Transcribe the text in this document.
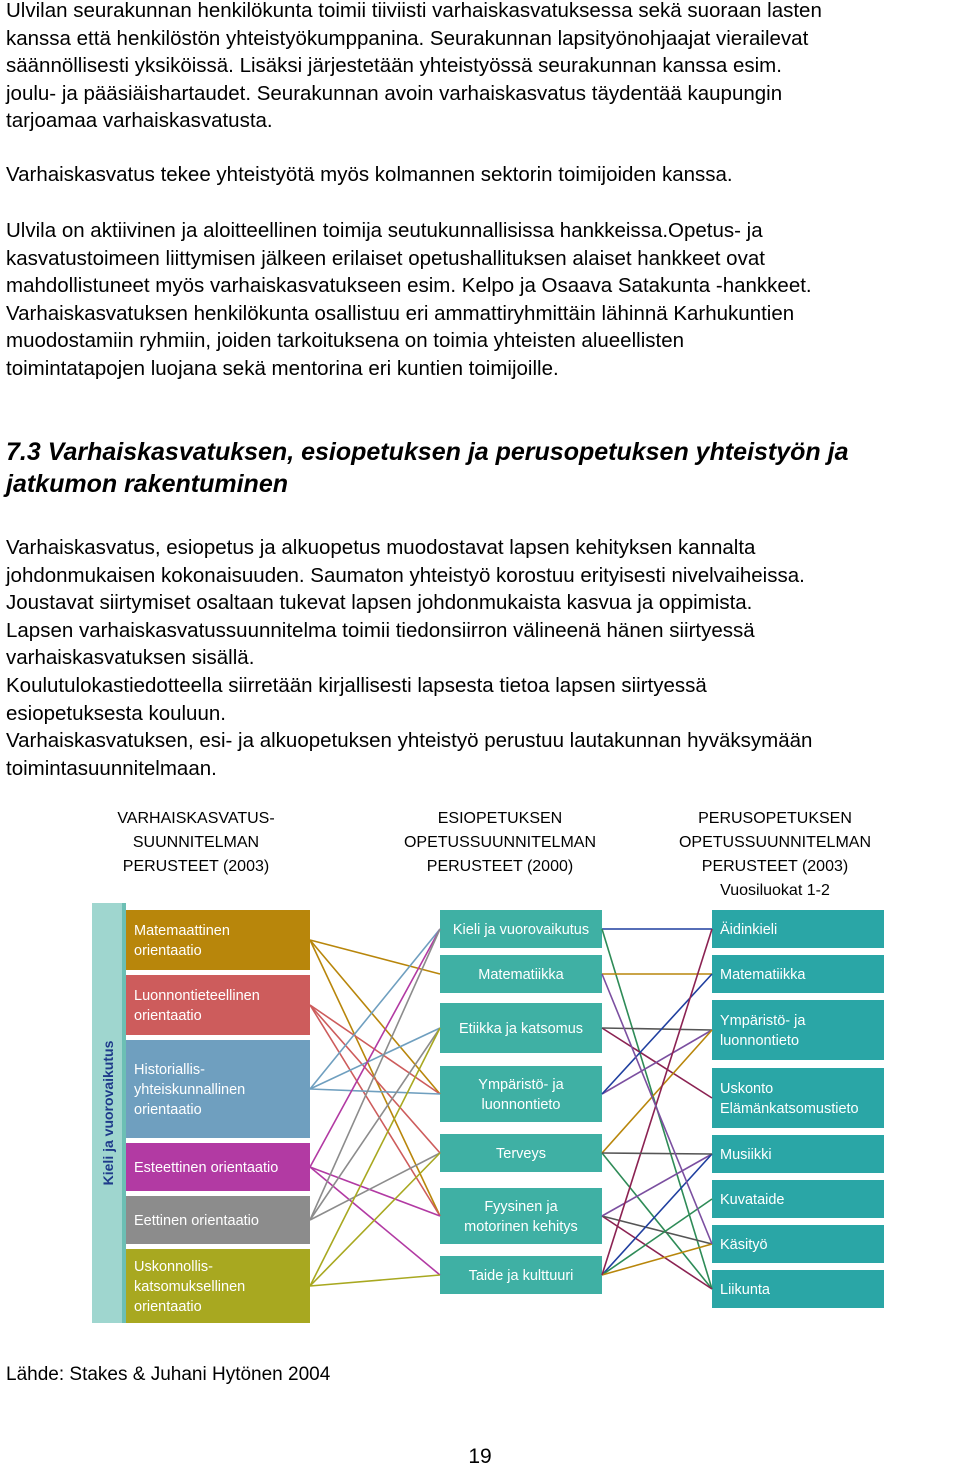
Ulvilan seurakunnan henkilökunta toimii tiiviisti varhaiskasvatuksessa sekä suoraan lasten
kanssa että henkilöstön yhteistyökumppanina. Seurakunnan lapsityönohjaajat vierailevat
säännöllisesti yksiköissä. Lisäksi järjestetään yhteistyössä seurakunnan kanssa esim.
joulu- ja pääsiäishartaudet. Seurakunnan avoin varhaiskasvatus täydentää kaupungin
tarjoamaa varhaiskasvatusta.

Varhaiskasvatus tekee yhteistyötä myös kolmannen sektorin toimijoiden kanssa.

Ulvila on aktiivinen ja aloitteellinen toimija seutukunnallisissa hankkeissa.Opetus- ja
kasvatustoimeen liittymisen jälkeen erilaiset opetushallituksen alaiset hankkeet ovat
mahdollistuneet myös varhaiskasvatukseen esim. Kelpo ja Osaava Satakunta -hankkeet.
Varhaiskasvatuksen henkilökunta osallistuu eri ammattiryhmittäin lähinnä Karhukuntien
muodostamiin ryhmiin, joiden tarkoituksena on toimia yhteisten alueellisten
toimintatapojen luojana sekä mentorina eri kuntien toimijoille.

7.3 Varhaiskasvatuksen, esiopetuksen ja perusopetuksen yhteistyön ja jatkumon rakentuminen

Varhaiskasvatus, esiopetus ja alkuopetus muodostavat lapsen kehityksen kannalta
johdonmukaisen kokonaisuuden. Saumaton yhteistyö korostuu erityisesti nivelvaiheissa.
Joustavat siirtymiset osaltaan tukevat lapsen johdonmukaista kasvua ja oppimista.
Lapsen varhaiskasvatussuunnitelma toimii tiedonsiirron välineenä hänen siirtyessä
varhaiskasvatuksen sisällä.
Koulutulokastiedotteella siirretään kirjallisesti lapsesta tietoa lapsen siirtyessä
esiopetuksesta kouluun.
Varhaiskasvatuksen, esi- ja alkuopetuksen yhteistyö perustuu lautakunnan hyväksymään
toimintasuunnitelmaan.

VARHAISKASVATUS-SUUNNITELMAN PERUSTEET (2003)
ESIOPETUKSEN OPETUSSUUNNITELMAN PERUSTEET (2000)
PERUSOPETUKSEN OPETUSSUUNNITELMAN PERUSTEET (2003) Vuosiluokat 1-2
Kieli ja vuorovaikutus
Matemaattinen orientaatio
Luonnontieteellinen orientaatio
Historiallis-yhteiskunnallinen orientaatio
Esteettinen orientaatio
Eettinen orientaatio
Uskonnollis-katsomuksellinen orientaatio
Kieli ja vuorovaikutus
Matematiikka
Etiikka ja katsomus
Ympäristö- ja luonnontieto
Terveys
Fyysinen ja motorinen kehitys
Taide ja kulttuuri
Äidinkieli
Matematiikka
Ympäristö- ja luonnontieto
Uskonto Elämänkatsomustieto
Musiikki
Kuvataide
Käsityö
Liikunta
Lähde: Stakes & Juhani Hytönen 2004
19
